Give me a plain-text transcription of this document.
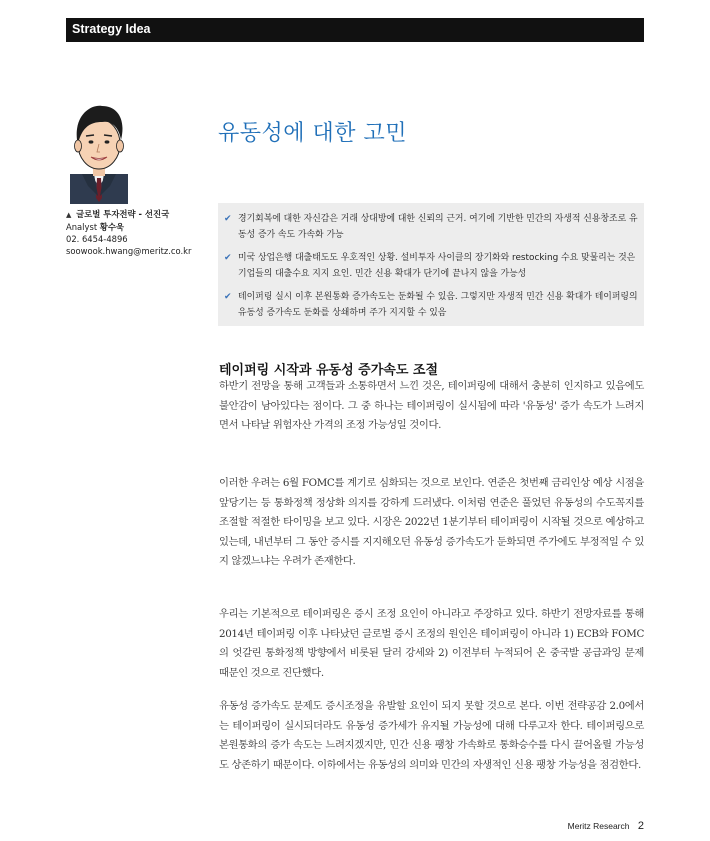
Strategy Idea
▲ 글로벌 투자전략 - 선진국
Analyst 황수욱
02. 6454-4896
soowook.hwang@meritz.co.kr
유동성에 대한 고민
✔ 경기회복에 대한 자신감은 거래 상대방에 대한 신뢰의 근거. 여기에 기반한 민간의 자생적 신용창조로 유동성 증가 속도 가속화 가능
✔ 미국 상업은행 대출태도도 우호적인 상황. 설비투자 사이클의 장기화와 restocking 수요 맞물리는 것은 기업들의 대출수요 지지 요인. 민간 신용 확대가 단기에 끝나지 않을 가능성
✔ 테이퍼링 실시 이후 본원통화 증가속도는 둔화될 수 있음. 그렇지만 자생적 민간 신용 확대가 테이퍼링의 유동성 증가속도 둔화를 상쇄하며 주가 지지할 수 있음
테이퍼링 시작과 유동성 증가속도 조절

하반기 전망을 통해 고객들과 소통하면서 느낀 것은, 테이퍼링에 대해서 충분히 인지하고 있음에도 불안감이 남아있다는 점이다. 그 중 하나는 테이퍼링이 실시됨에 따라 '유동성' 증가 속도가 느려지면서 나타날 위험자산 가격의 조정 가능성일 것이다.

이러한 우려는 6월 FOMC를 계기로 심화되는 것으로 보인다. 연준은 첫번째 금리인상 예상 시점을 앞당기는 등 통화정책 정상화 의지를 강하게 드러냈다. 이처럼 연준은 풀었던 유동성의 수도꼭지를 조절할 적절한 타이밍을 보고 있다. 시장은 2022년 1분기부터 테이퍼링이 시작될 것으로 예상하고 있는데, 내년부터 그 동안 증시를 지지해오던 유동성 증가속도가 둔화되면 주가에도 부정적일 수 있지 않겠느냐는 우려가 존재한다.

우리는 기본적으로 테이퍼링은 증시 조정 요인이 아니라고 주장하고 있다. 하반기 전망자료를 통해 2014년 테이퍼링 이후 나타났던 글로벌 증시 조정의 원인은 테이퍼링이 아니라 1) ECB와 FOMC의 엇갈린 통화정책 방향에서 비롯된 달러 강세와 2) 이전부터 누적되어 온 중국발 공급과잉 문제 때문인 것으로 진단했다.

유동성 증가속도 문제도 증시조정을 유발할 요인이 되지 못할 것으로 본다. 이번 전략공감 2.0에서는 테이퍼링이 실시되더라도 유동성 증가세가 유지될 가능성에 대해 다루고자 한다. 테이퍼링으로 본원통화의 증가 속도는 느려지겠지만, 민간 신용 팽창 가속화로 통화승수를 다시 끌어올릴 가능성도 상존하기 때문이다. 이하에서는 유동성의 의미와 민간의 자생적인 신용 팽창 가능성을 점검한다.

Meritz Research 2
